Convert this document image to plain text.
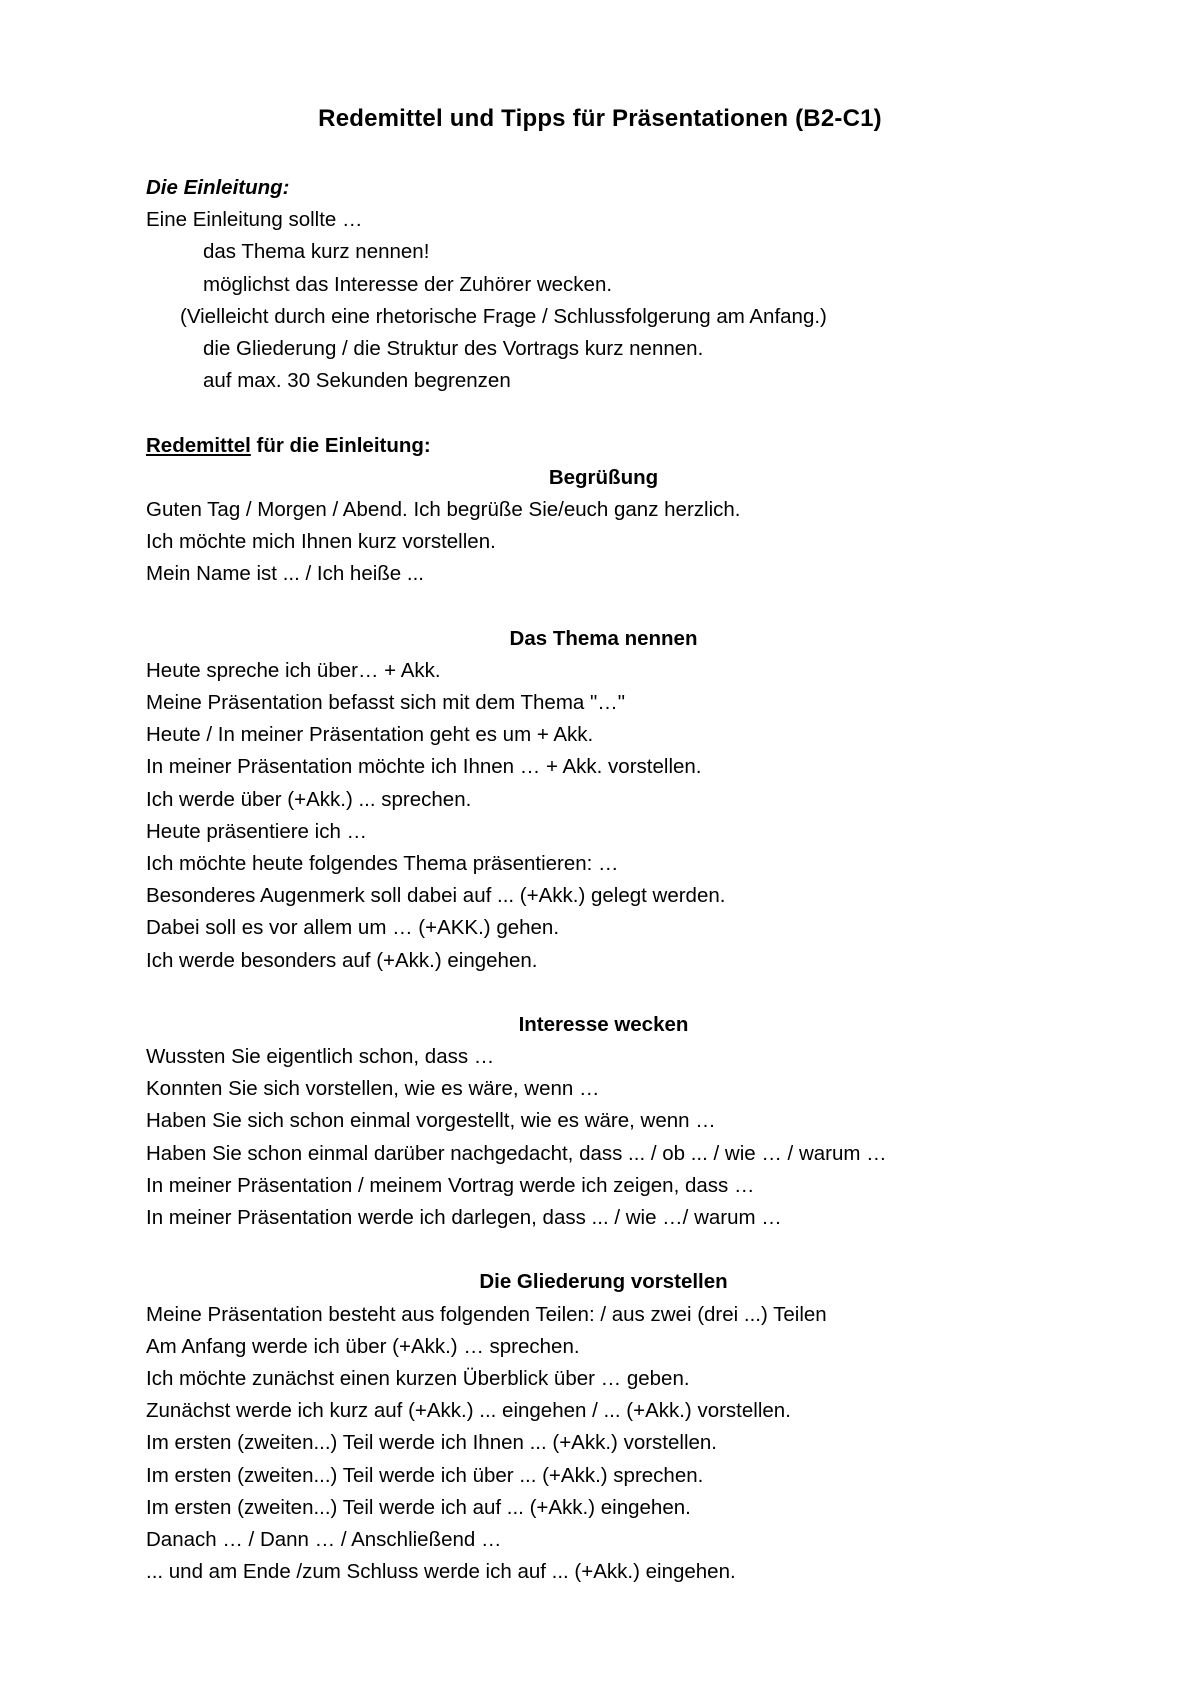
Redemittel und Tipps für Präsentationen (B2-C1)
Die Einleitung:
Eine Einleitung sollte …
das Thema kurz nennen!
möglichst das Interesse der Zuhörer wecken.
(Vielleicht durch eine rhetorische Frage / Schlussfolgerung am Anfang.)
die Gliederung / die Struktur des Vortrags kurz nennen.
auf max. 30 Sekunden begrenzen
Redemittel für die Einleitung:
Begrüßung
Guten Tag / Morgen / Abend. Ich begrüße Sie/euch ganz herzlich.
Ich möchte mich Ihnen kurz vorstellen.
Mein Name ist ... / Ich heiße ...
Das Thema nennen
Heute spreche ich über… + Akk.
Meine Präsentation befasst sich mit dem Thema "…"
Heute / In meiner Präsentation geht es um + Akk.
In meiner Präsentation möchte ich Ihnen … + Akk. vorstellen.
Ich werde über (+Akk.) ... sprechen.
Heute präsentiere ich …
Ich möchte heute folgendes Thema präsentieren: …
Besonderes Augenmerk soll dabei auf ... (+Akk.) gelegt werden.
Dabei soll es vor allem um … (+AKK.) gehen.
Ich werde besonders auf (+Akk.) eingehen.
Interesse wecken
Wussten Sie eigentlich schon, dass …
Konnten Sie sich vorstellen, wie es wäre, wenn …
Haben Sie sich schon einmal vorgestellt, wie es wäre, wenn …
Haben Sie schon einmal darüber nachgedacht, dass ... / ob ... / wie … / warum …
In meiner Präsentation / meinem Vortrag werde ich zeigen, dass …
In meiner Präsentation werde ich darlegen, dass ... / wie …/ warum …
Die Gliederung vorstellen
Meine Präsentation besteht aus folgenden Teilen: / aus zwei (drei ...) Teilen
Am Anfang werde ich über (+Akk.) … sprechen.
Ich möchte zunächst einen kurzen Überblick über … geben.
Zunächst werde ich kurz auf (+Akk.) ... eingehen / ... (+Akk.) vorstellen.
Im ersten (zweiten...) Teil werde ich Ihnen ... (+Akk.) vorstellen.
Im ersten (zweiten...) Teil werde ich über ... (+Akk.) sprechen.
Im ersten (zweiten...) Teil werde ich auf ... (+Akk.) eingehen.
Danach … / Dann … / Anschließend …
... und am Ende /zum Schluss werde ich auf ... (+Akk.) eingehen.
